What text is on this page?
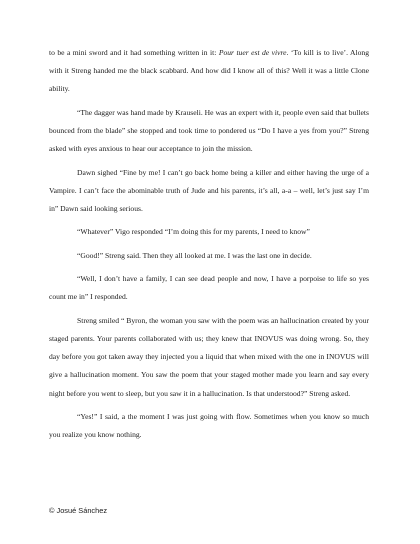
to be a mini sword and it had something written in it: Pour tuer est de vivre. ‘To kill is to live’. Along with it Streng handed me the black scabbard. And how did I know all of this? Well it was a little Clone ability.

“The dagger was hand made by Krauseli. He was an expert with it, people even said that bullets bounced from the blade” she stopped and took time to pondered us “Do I have a yes from you?” Streng asked with eyes anxious to hear our acceptance to join the mission.

Dawn sighed “Fine by me! I can’t go back home being a killer and either having the urge of a Vampire. I can’t face the abominable truth of Jude and his parents, it’s all, a-a – well, let’s just say I’m in” Dawn said looking serious.

“Whatever” Vigo responded “I’m doing this for my parents, I need to know”

“Good!” Streng said. Then they all looked at me. I was the last one in decide.

“Well, I don’t have a family, I can see dead people and now, I have a porpoise to life so yes count me in” I responded.

Streng smiled “ Byron, the woman you saw with the poem was an hallucination created by your staged parents. Your parents collaborated with us; they knew that INOVUS was doing wrong. So, they day before you got taken away they injected you a liquid that when mixed with the one in INOVUS will give a hallucination moment. You saw the poem that your staged mother made you learn and say every night before you went to sleep, but you saw it in a hallucination. Is that understood?” Streng asked.

“Yes!” I said, a the moment I was just going with flow. Sometimes when you know so much you realize you know nothing.

© Josué Sánchez
